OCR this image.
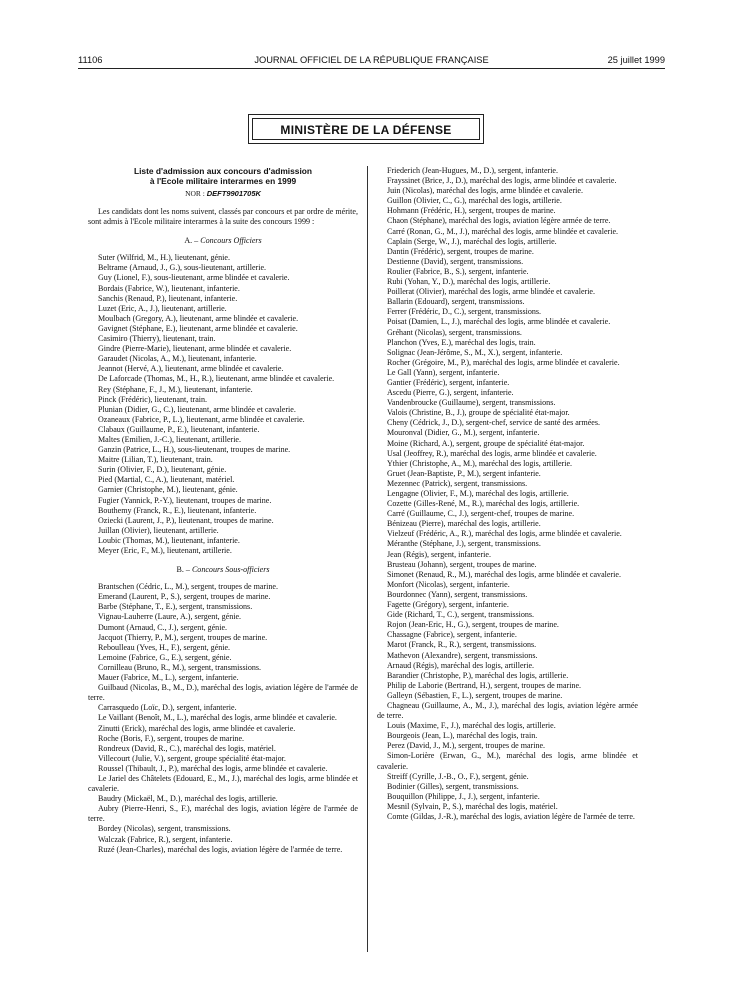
11106	JOURNAL OFFICIEL DE LA RÉPUBLIQUE FRANÇAISE	25 juillet 1999
MINISTÈRE DE LA DÉFENSE
Liste d'admission aux concours d'admission
à l'Ecole militaire interarmes en 1999
NOR : DEFT9901705K
Les candidats dont les noms suivent, classés par concours et par ordre de mérite, sont admis à l'Ecole militaire interarmes à la suite des concours 1999 :
A. – Concours Officiers
Suter (Wilfrid, M., H.), lieutenant, génie.
Beltrame (Arnaud, J., G.), sous-lieutenant, artillerie.
Guy (Lionel, F.), sous-lieutenant, arme blindée et cavalerie.
Bordais (Fabrice, W.), lieutenant, infanterie.
Sanchis (Renaud, P.), lieutenant, infanterie.
Luzet (Eric, A., J.), lieutenant, artillerie.
Moulbach (Gregory, A.), lieutenant, arme blindée et cavalerie.
Gavignet (Stéphane, E.), lieutenant, arme blindée et cavalerie.
Casimiro (Thierry), lieutenant, train.
Gindre (Pierre-Marie), lieutenant, arme blindée et cavalerie.
Garaudet (Nicolas, A., M.), lieutenant, infanterie.
Jeannot (Hervé, A.), lieutenant, arme blindée et cavalerie.
De Laforcade (Thomas, M., H., R.), lieutenant, arme blindée et cavalerie.
Rey (Stéphane, F., J., M.), lieutenant, infanterie.
Pinck (Frédéric), lieutenant, train.
Plunian (Didier, G., C.), lieutenant, arme blindée et cavalerie.
Ozaneaux (Fabrice, P., L.), lieutenant, arme blindée et cavalerie.
Clabaux (Guillaume, P., E.), lieutenant, infanterie.
Maltes (Emilien, J.-C.), lieutenant, artillerie.
Ganzin (Patrice, L., H.), sous-lieutenant, troupes de marine.
Maitre (Lilian, T.), lieutenant, train.
Surin (Olivier, F., D.), lieutenant, génie.
Pied (Martial, C., A.), lieutenant, matériel.
Garnier (Christophe, M.), lieutenant, génie.
Fugier (Yannick, P.-Y.), lieutenant, troupes de marine.
Bouthemy (Franck, R., E.), lieutenant, infanterie.
Oziecki (Laurent, J., P.), lieutenant, troupes de marine.
Juillan (Olivier), lieutenant, artillerie.
Loubic (Thomas, M.), lieutenant, infanterie.
Meyer (Eric, F., M.), lieutenant, artillerie.
B. – Concours Sous-officiers
Brantschen (Cédric, L., M.), sergent, troupes de marine.
Emerand (Laurent, P., S.), sergent, troupes de marine.
Barbe (Stéphane, T., E.), sergent, transmissions.
Vignau-Lauherre (Laure, A.), sergent, génie.
Dumont (Arnaud, C., J.), sergent, génie.
Jacquot (Thierry, P., M.), sergent, troupes de marine.
Reboulleau (Yves, H., F.), sergent, génie.
Lemoine (Fabrice, G., E.), sergent, génie.
Cornilleau (Bruno, R., M.), sergent, transmissions.
Mauer (Fabrice, M., L.), sergent, infanterie.
Guilbaud (Nicolas, B., M., D.), maréchal des logis, aviation légère de l'armée de terre.
Carrasquedo (Loïc, D.), sergent, infanterie.
Le Vaillant (Benoît, M., L.), maréchal des logis, arme blindée et cavalerie.
Zinutti (Erick), maréchal des logis, arme blindée et cavalerie.
Roche (Boris, F.), sergent, troupes de marine.
Rondreux (David, R., C.), maréchal des logis, matériel.
Villecourt (Julie, V.), sergent, groupe spécialité état-major.
Roussel (Thibault, J., P.), maréchal des logis, arme blindée et cavalerie.
Le Jariel des Châtelets (Edouard, E., M., J.), maréchal des logis, arme blindée et cavalerie.
Baudry (Mickaël, M., D.), maréchal des logis, artillerie.
Aubry (Pierre-Henri, S., F.), maréchal des logis, aviation légère de l'armée de terre.
Bordey (Nicolas), sergent, transmissions.
Walczak (Fabrice, R.), sergent, infanterie.
Ruzé (Jean-Charles), maréchal des logis, aviation légère de l'armée de terre.
Friederich (Jean-Hugues, M., D.), sergent, infanterie.
Frayssinet (Brice, J., D.), maréchal des logis, arme blindée et cavalerie.
Juin (Nicolas), maréchal des logis, arme blindée et cavalerie.
Guillon (Olivier, C., G.), maréchal des logis, artillerie.
Hohmann (Frédéric, H.), sergent, troupes de marine.
Chaon (Stéphane), maréchal des logis, aviation légère armée de terre.
Carré (Ronan, G., M., J.), maréchal des logis, arme blindée et cavalerie.
Caplain (Serge, W., J.), maréchal des logis, artillerie.
Dantin (Frédéric), sergent, troupes de marine.
Destienne (David), sergent, transmissions.
Roulier (Fabrice, B., S.), sergent, infanterie.
Rubi (Yohan, Y., D.), maréchal des logis, artillerie.
Poillerat (Olivier), maréchal des logis, arme blindée et cavalerie.
Ballarin (Edouard), sergent, transmissions.
Ferrer (Frédéric, D., C.), sergent, transmissions.
Poisat (Damien, L., J.), maréchal des logis, arme blindée et cavalerie.
Gréhant (Nicolas), sergent, transmissions.
Planchon (Yves, E.), maréchal des logis, train.
Solignac (Jean-Jérôme, S., M., X.), sergent, infanterie.
Rocher (Grégoire, M., P.), maréchal des logis, arme blindée et cavalerie.
Le Gall (Yann), sergent, infanterie.
Gantier (Frédéric), sergent, infanterie.
Ascedu (Pierre, G.), sergent, infanterie.
Vandenbroucke (Guillaume), sergent, transmissions.
Valois (Christine, B., J.), groupe de spécialité état-major.
Cheny (Cédrick, J., D.), sergent-chef, service de santé des armées.
Mouronval (Didier, G., M.), sergent, infanterie.
Moine (Richard, A.), sergent, groupe de spécialité état-major.
Usal (Jeoffrey, R.), maréchal des logis, arme blindée et cavalerie.
Ythier (Christophe, A., M.), maréchal des logis, artillerie.
Gruet (Jean-Baptiste, P., M.), sergent infanterie.
Mezennec (Patrick), sergent, transmissions.
Lengagne (Olivier, F., M.), maréchal des logis, artillerie.
Cozette (Gilles-René, M., R.), maréchal des logis, artillerie.
Carré (Guillaume, C., J.), sergent-chef, troupes de marine.
Bénizeau (Pierre), maréchal des logis, artillerie.
Vielzeuf (Frédéric, A., R.), maréchal des logis, arme blindée et cavalerie.
Méranthe (Stéphane, J.), sergent, transmissions.
Jean (Régis), sergent, infanterie.
Brusteau (Johann), sergent, troupes de marine.
Simonet (Renaud, R., M.), maréchal des logis, arme blindée et cavalerie.
Monfort (Nicolas), sergent, infanterie.
Bourdonnec (Yann), sergent, transmissions.
Fagette (Grégory), sergent, infanterie.
Gide (Richard, T., C.), sergent, transmissions.
Rojon (Jean-Eric, H., G.), sergent, troupes de marine.
Chassagne (Fabrice), sergent, infanterie.
Marot (Franck, R., R.), sergent, transmissions.
Mathevon (Alexandre), sergent, transmissions.
Arnaud (Régis), maréchal des logis, artillerie.
Barandier (Christophe, P.), maréchal des logis, artillerie.
Philip de Laborie (Bertrand, H.), sergent, troupes de marine.
Galleyn (Sébastien, F., L.), sergent, troupes de marine.
Chagneau (Guillaume, A., M., J.), maréchal des logis, aviation légère armée de terre.
Louis (Maxime, F., J.), maréchal des logis, artillerie.
Bourgeois (Jean, L.), maréchal des logis, train.
Perez (David, J., M.), sergent, troupes de marine.
Simon-Lorière (Erwan, G., M.), maréchal des logis, arme blindée et cavalerie.
Streiff (Cyrille, J.-B., O., F.), sergent, génie.
Bodinier (Gilles), sergent, transmissions.
Bouquillon (Philippe, J., J.), sergent, infanterie.
Mesnil (Sylvain, P., S.), maréchal des logis, matériel.
Comte (Gildas, J.-R.), maréchal des logis, aviation légère de l'armée de terre.
